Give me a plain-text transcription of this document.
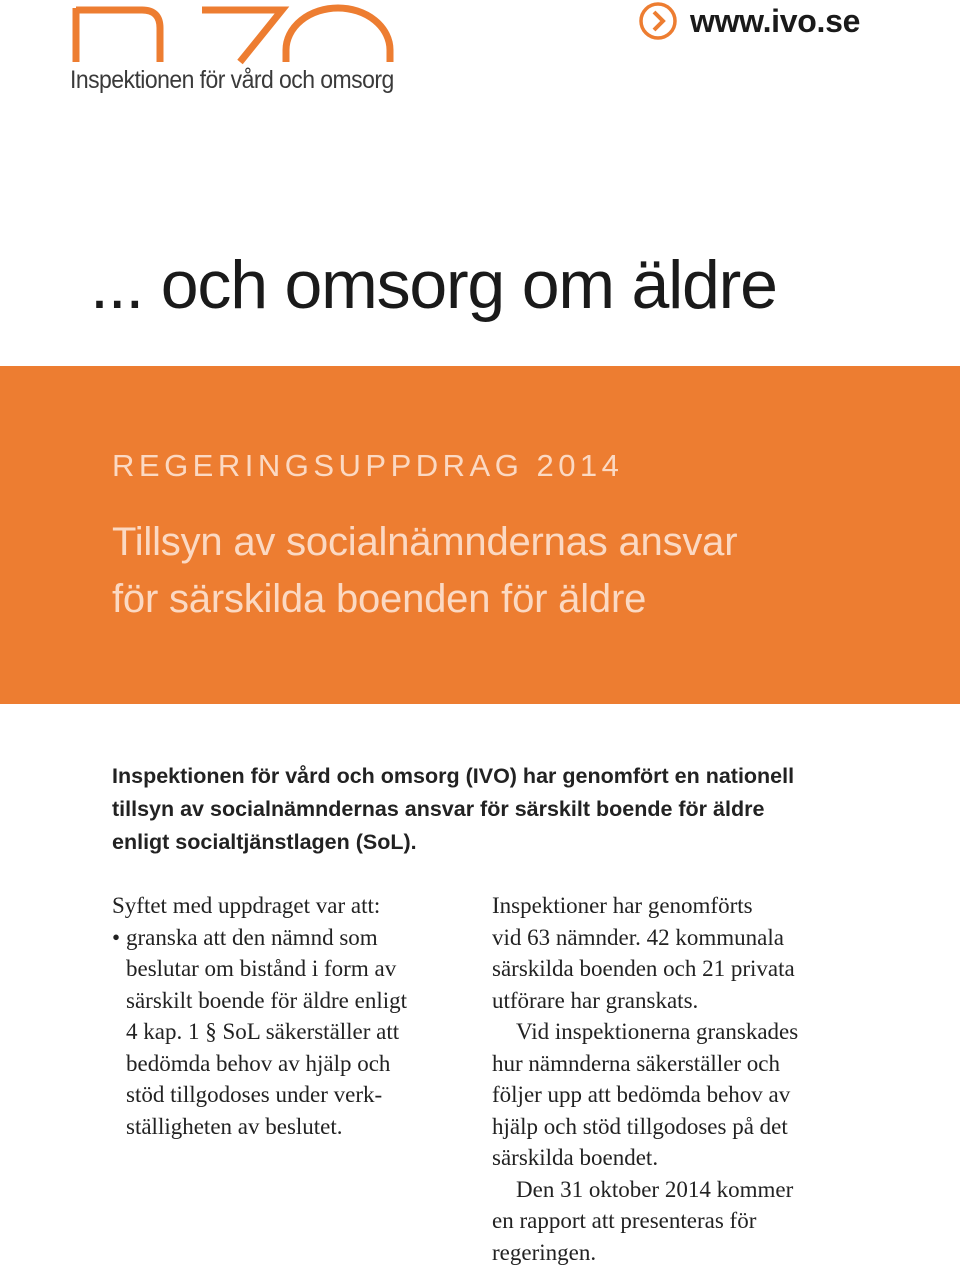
Inspektionen för vård och omsorg
www.ivo.se
... och omsorg om äldre
REGERINGSUPPDRAG 2014
Tillsyn av socialnämndernas ansvar
för särskilda boenden för äldre
Inspektionen för vård och omsorg (IVO) har genomfört en nationell
tillsyn av socialnämndernas ansvar för särskilt boende för äldre
enligt socialtjänstlagen (SoL).
Syftet med uppdraget var att:
• granska att den nämnd som
beslutar om bistånd i form av
särskilt boende för äldre enligt
4 kap. 1 § SoL säkerställer att
bedömda behov av hjälp och
stöd tillgodoses under verk-
ställigheten av beslutet.
Inspektioner har genomförts
vid 63 nämnder. 42 kommunala
särskilda boenden och 21 privata
utförare har granskats.
Vid inspektionerna granskades
hur nämnderna säkerställer och
följer upp att bedömda behov av
hjälp och stöd tillgodoses på det
särskilda boendet.
Den 31 oktober 2014 kommer
en rapport att presenteras för
regeringen.
